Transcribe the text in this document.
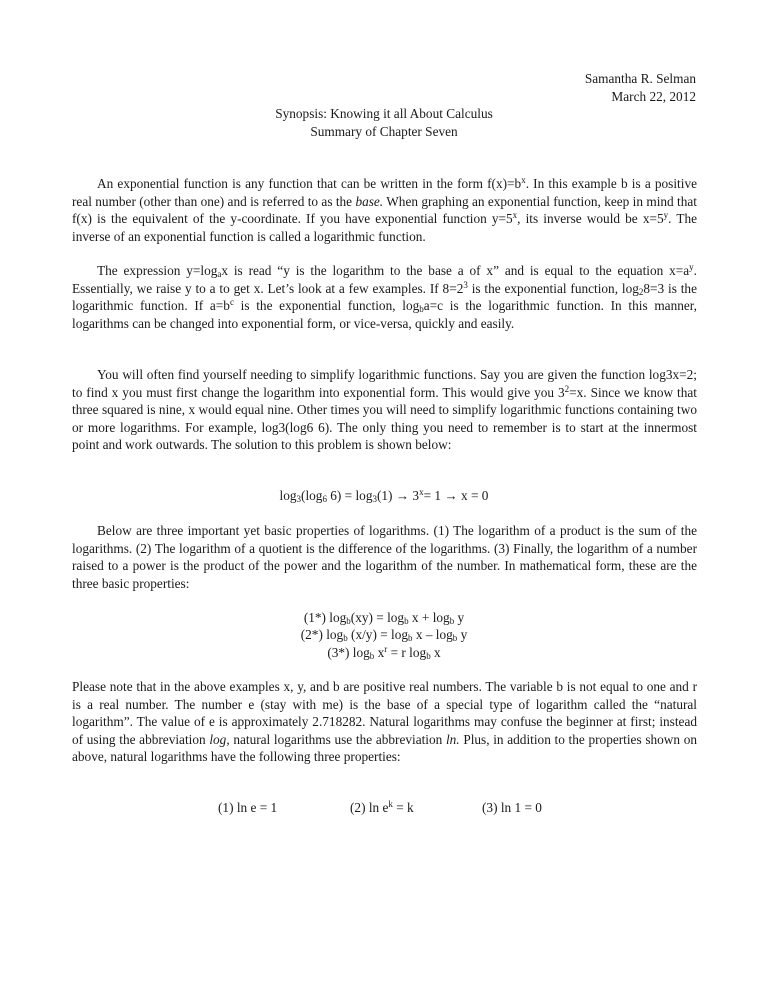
Samantha R. Selman
March 22, 2012
Synopsis: Knowing it all About Calculus
Summary of Chapter Seven

An exponential function is any function that can be written in the form $f(x)=b^x$. In this example b is a positive real number (other than one) and is referred to as the base. When graphing an exponential function, keep in mind that f(x) is the equivalent of the y-coordinate. If you have exponential function $y=5^x$, its inverse would be $x=5^y$. The inverse of an exponential function is called a logarithmic function.

The expression $y=\log_ax$ is read “y is the logarithm to the base a of x” and is equal to the equation $x=a^y$. Essentially, we raise y to a to get x. Let’s look at a few examples. If $8=2^3$ is the exponential function, $\log_28=3$ is the logarithmic function. If $a=b^c$ is the exponential function, $\log_ba=c$ is the logarithmic function. In this manner, logarithms can be changed into exponential form, or vice-versa, quickly and easily.

You will often find yourself needing to simplify logarithmic functions. Say you are given the function log3x=2; to find x you must first change the logarithm into exponential form. This would give you $3^2=x$. Since we know that three squared is nine, x would equal nine. Other times you will need to simplify logarithmic functions containing two or more logarithms. For example, log3(log6 6). The only thing you need to remember is to start at the innermost point and work outwards. The solution to this problem is shown below:

$\log_3(\log_6$ $6) = \log_3(1) \to 3^x= 1 \to x = 0$

Below are three important yet basic properties of logarithms. (1) The logarithm of a product is the sum of the logarithms. (2) The logarithm of a quotient is the difference of the logarithms. (3) Finally, the logarithm of a number raised to a power is the product of the power and the logarithm of the number. In mathematical form, these are the three basic properties:

(1*) $\log_b(xy) = \log_b x + \log_b y$
(2*) $\log_b (x/y) = \log_b x - \log_b y$
(3*) $\log_b x^r = r$ $\log_b x$

Please note that in the above examples x, y, and b are positive real numbers. The variable b is not equal to one and r is a real number. The number e (stay with me) is the base of a special type of logarithm called the “natural logarithm”. The value of e is approximately 2.718282. Natural logarithms may confuse the beginner at first; instead of using the abbreviation log, natural logarithms use the abbreviation ln. Plus, in addition to the properties shown on above, natural logarithms have the following three properties:

(1) ln e = 1	(2) $\ln e^k = k$	(3) ln 1 = 0
